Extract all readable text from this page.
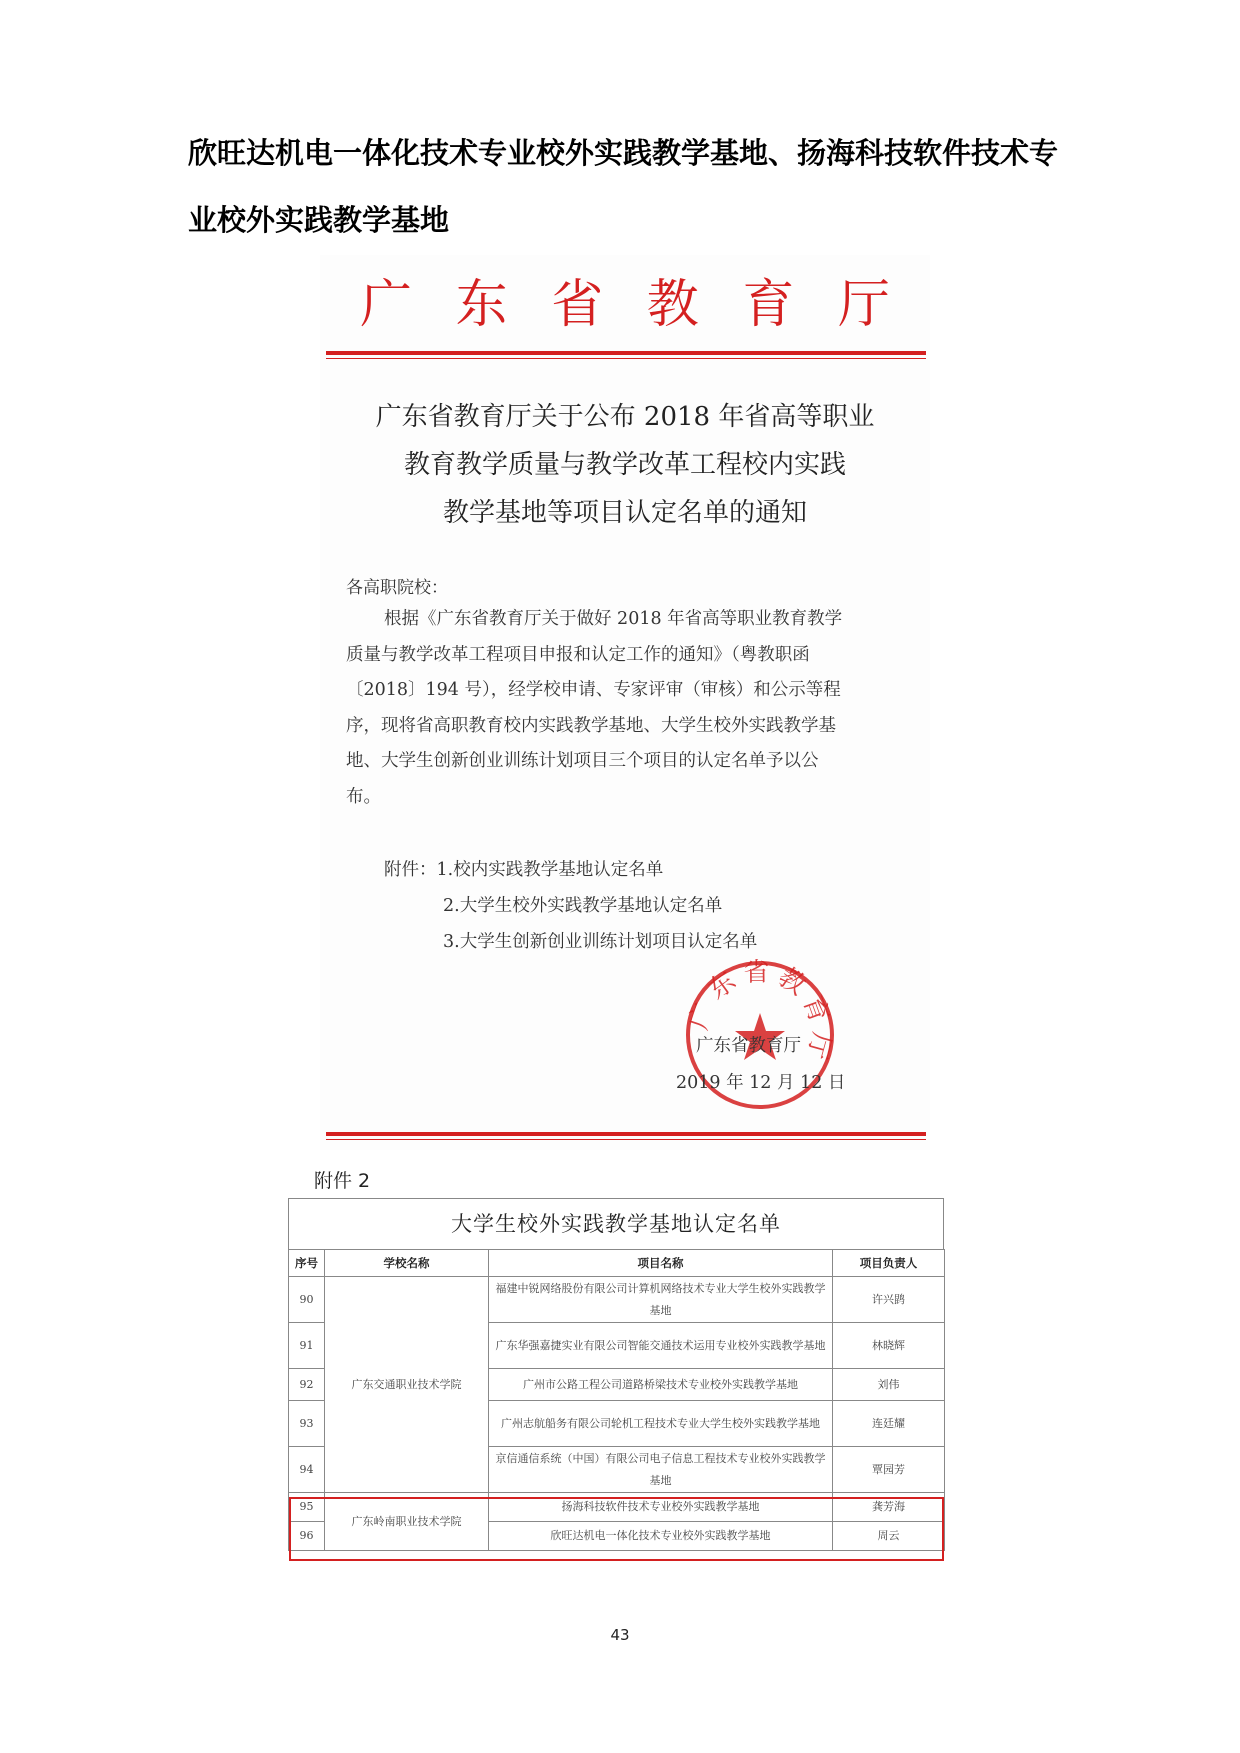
欣旺达机电一体化技术专业校外实践教学基地、扬海科技软件技术专
业校外实践教学基地
广 东 省 教 育 厅
广东省教育厅关于公布 2018 年省高等职业
教育教学质量与教学改革工程校内实践
教学基地等项目认定名单的通知
各高职院校：
根据《广东省教育厅关于做好 2018 年省高等职业教育教学
质量与教学改革工程项目申报和认定工作的通知》（粤教职函
〔2018〕194 号），经学校申请、专家评审（审核）和公示等程
序，现将省高职教育校内实践教学基地、大学生校外实践教学基
地、大学生创新创业训练计划项目三个项目的认定名单予以公
布。
附件：1.校内实践教学基地认定名单
2.大学生校外实践教学基地认定名单
3.大学生创新创业训练计划项目认定名单
广东省教育厅
广东省教育厅
2019 年 12 月 12 日
附件 2
大学生校外实践教学基地认定名单
序号	学校名称	项目名称	项目负责人
90	广东交通职业技术学院	福建中锐网络股份有限公司计算机网络技术专业大学生校外实践教学基地	许兴鹍
91		广东华强嘉捷实业有限公司智能交通技术运用专业校外实践教学基地	林晓辉
92		广州市公路工程公司道路桥梁技术专业校外实践教学基地	刘伟
93		广州志航船务有限公司轮机工程技术专业大学生校外实践教学基地	连廷耀
94		京信通信系统（中国）有限公司电子信息工程技术专业校外实践教学基地	覃园芳
95	广东岭南职业技术学院	扬海科技软件技术专业校外实践教学基地	龚芳海
96		欣旺达机电一体化技术专业校外实践教学基地	周云
43
